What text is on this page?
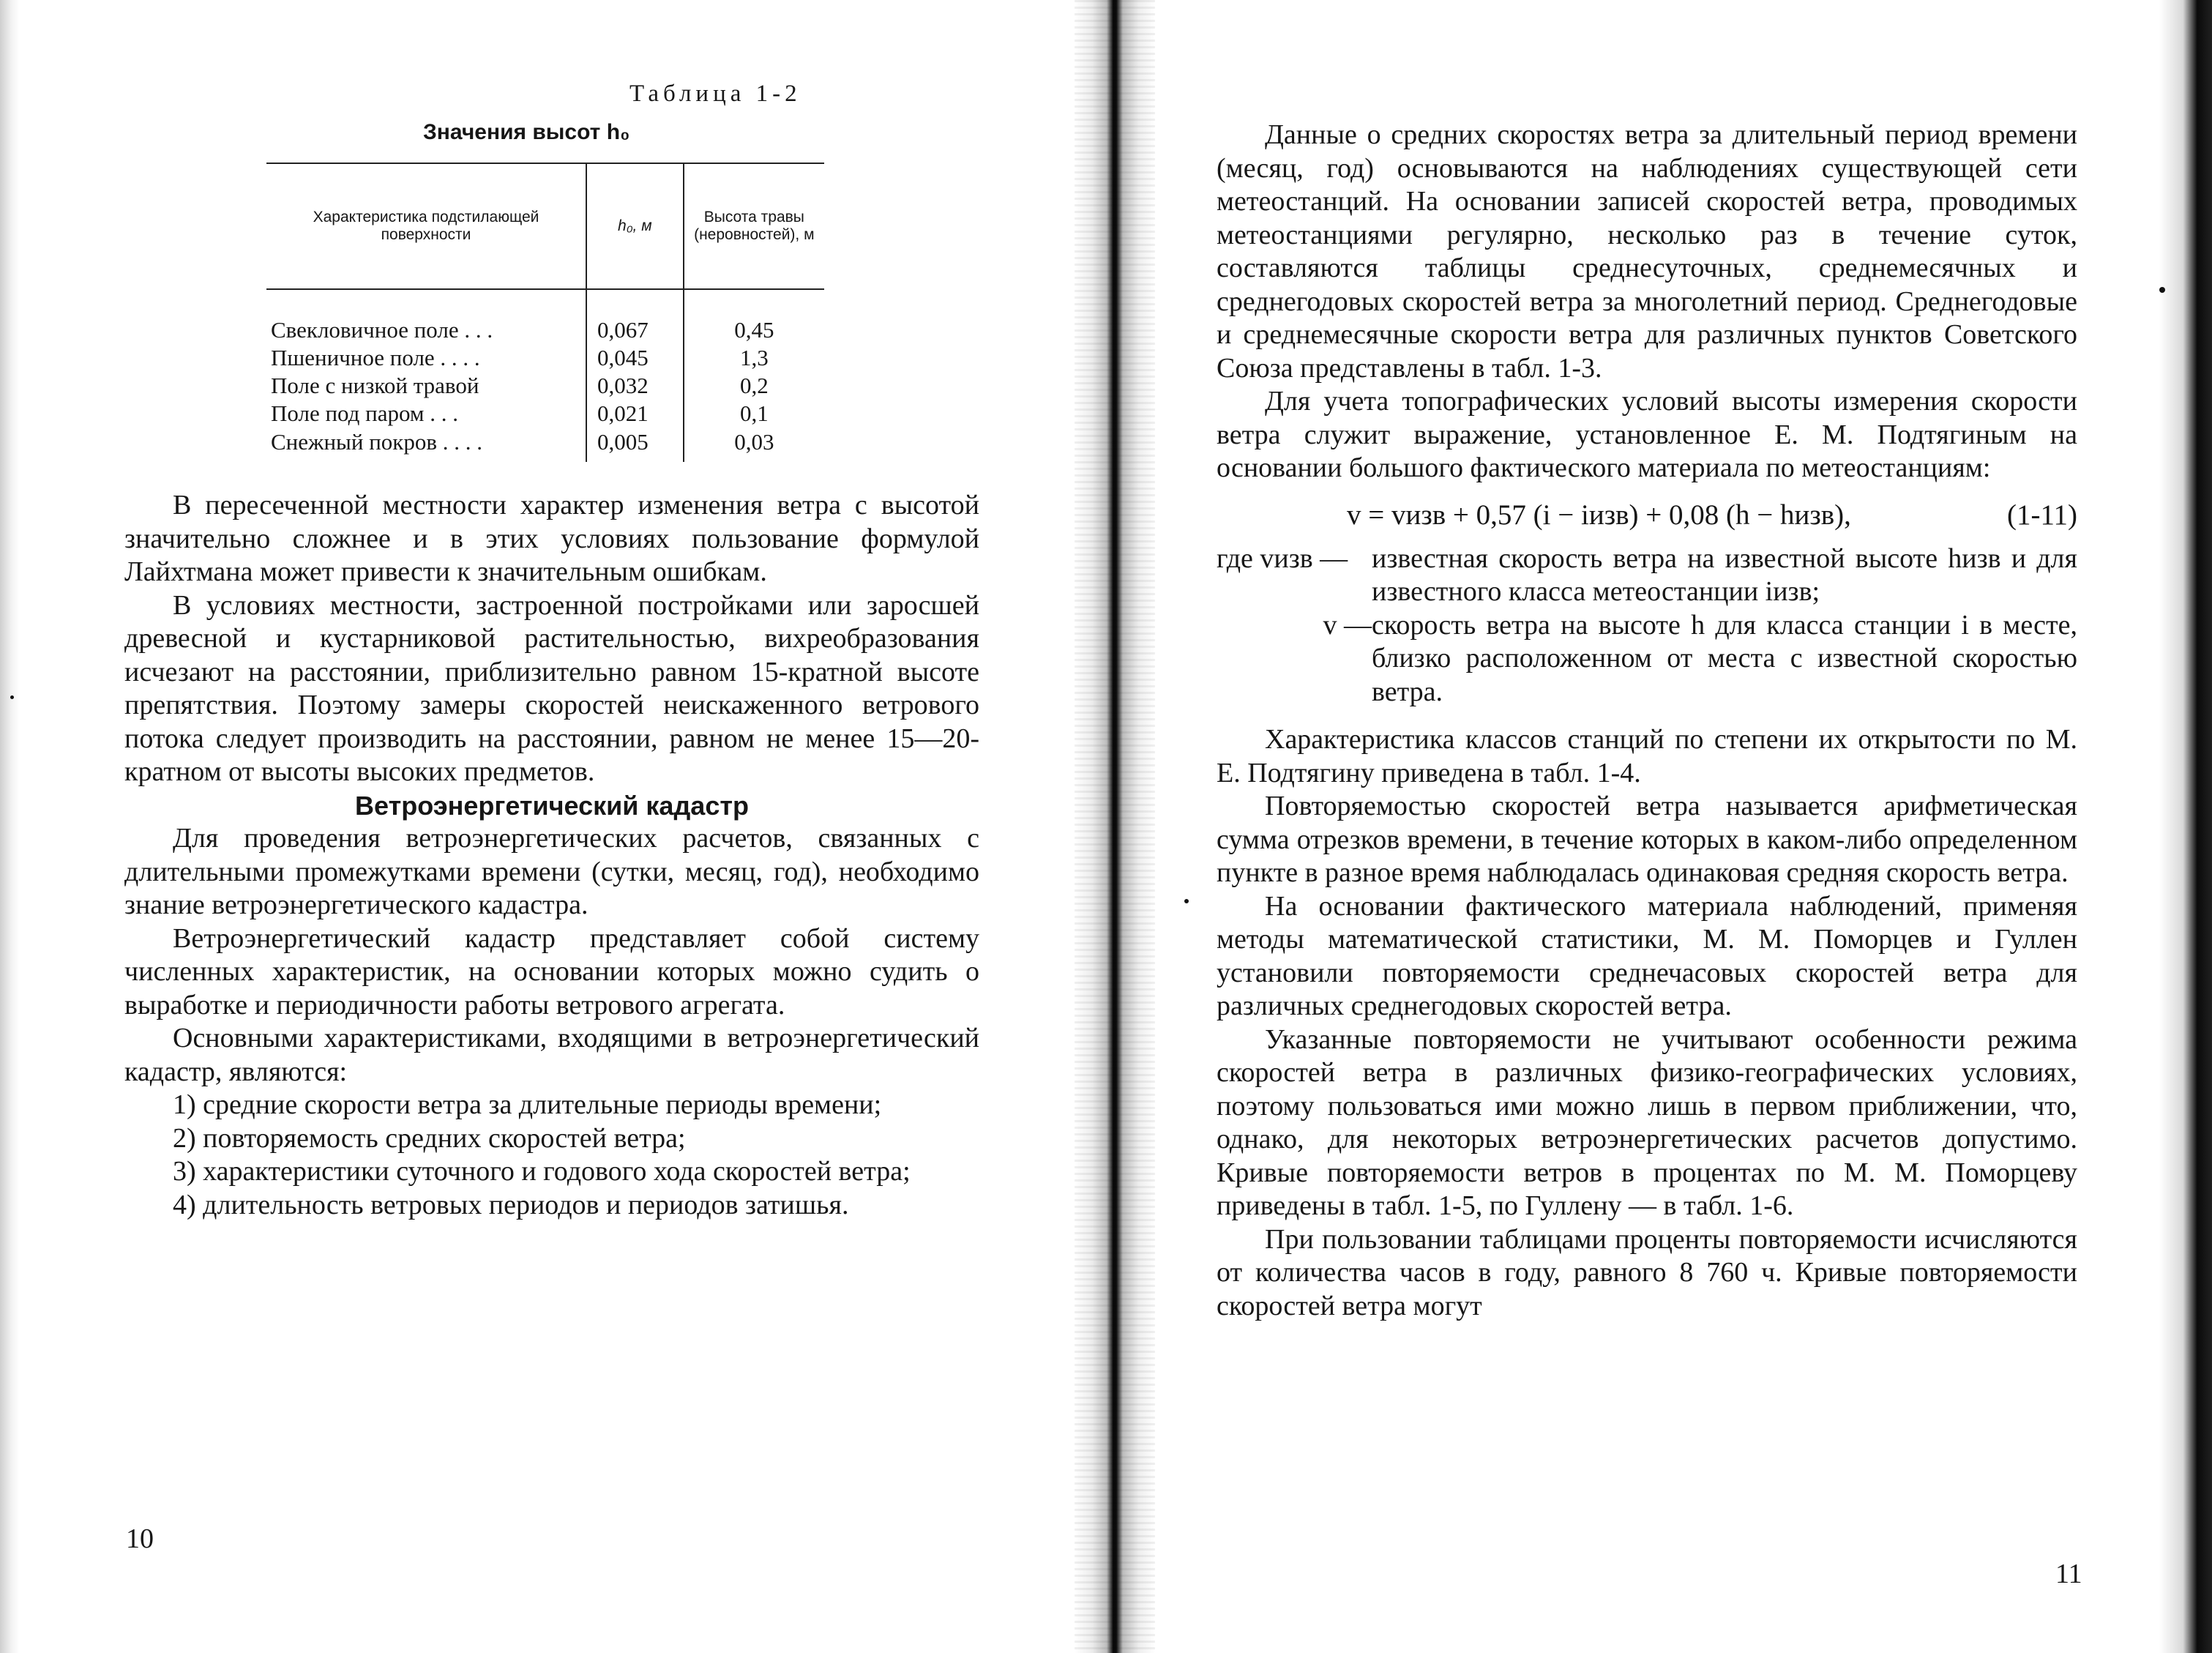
Таблица 1-2
Значения высот h₀
Характеристика подстилающей поверхности	h₀, м	Высота травы (неровностей), м
Свекловичное поле . . .	0,067	0,45
Пшеничное поле . . . .	0,045	1,3
Поле с низкой травой	0,032	0,2
Поле под паром . . .	0,021	0,1
Снежный покров . . . .	0,005	0,03

В пересеченной местности характер изменения ветра с высотой значительно сложнее и в этих условиях пользование формулой Лайхтмана может привести к значительным ошибкам.

В условиях местности, застроенной постройками или заросшей древесной и кустарниковой растительностью, вихреобразования исчезают на расстоянии, приблизительно равном 15-кратной высоте препятствия. Поэтому замеры скоростей неискаженного ветрового потока следует производить на расстоянии, равном не менее 15—20-кратном от высоты высоких предметов.

Ветроэнергетический кадастр

Для проведения ветроэнергетических расчетов, связанных с длительными промежутками времени (сутки, месяц, год), необходимо знание ветроэнергетического кадастра.

Ветроэнергетический кадастр представляет собой систему численных характеристик, на основании которых можно судить о выработке и периодичности работы ветрового агрегата.

Основными характеристиками, входящими в ветроэнергетический кадастр, являются:

1) средние скорости ветра за длительные периоды времени;

2) повторяемость средних скоростей ветра;

3) характеристики суточного и годового хода скоростей ветра;

4) длительность ветровых периодов и периодов затишья.

10

Данные о средних скоростях ветра за длительный период времени (месяц, год) основываются на наблюдениях существующей сети метеостанций. На основании записей скоростей ветра, проводимых метеостанциями регулярно, несколько раз в течение суток, составляются таблицы среднесуточных, среднемесячных и среднегодовых скоростей ветра за многолетний период. Среднегодовые и среднемесячные скорости ветра для различных пунктов Советского Союза представлены в табл. 1-3.

Для учета топографических условий высоты измерения скорости ветра служит выражение, установленное Е. М. Подтягиным на основании большого фактического материала по метеостанциям:

v = vизв + 0,57 (i − iизв) + 0,08 (h − hизв),	(1-11)
где vизв — известная скорость ветра на известной высоте hизв и для известного класса метеостанции iизв;

v — скорость ветра на высоте h для класса станции i в месте, близко расположенном от места с известной скоростью ветра.

Характеристика классов станций по степени их открытости по М. Е. Подтягину приведена в табл. 1-4.

Повторяемостью скоростей ветра называется арифметическая сумма отрезков времени, в течение которых в каком-либо определенном пункте в разное время наблюдалась одинаковая средняя скорость ветра.

На основании фактического материала наблюдений, применяя методы математической статистики, М. М. Поморцев и Гуллен установили повторяемости среднечасовых скоростей ветра для различных среднегодовых скоростей ветра.

Указанные повторяемости не учитывают особенности режима скоростей ветра в различных физико-географических условиях, поэтому пользоваться ими можно лишь в первом приближении, что, однако, для некоторых ветроэнергетических расчетов допустимо. Кривые повторяемости ветров в процентах по М. М. Поморцеву приведены в табл. 1-5, по Гуллену — в табл. 1-6.

При пользовании таблицами проценты повторяемости исчисляются от количества часов в году, равного 8 760 ч. Кривые повторяемости скоростей ветра могут

11
